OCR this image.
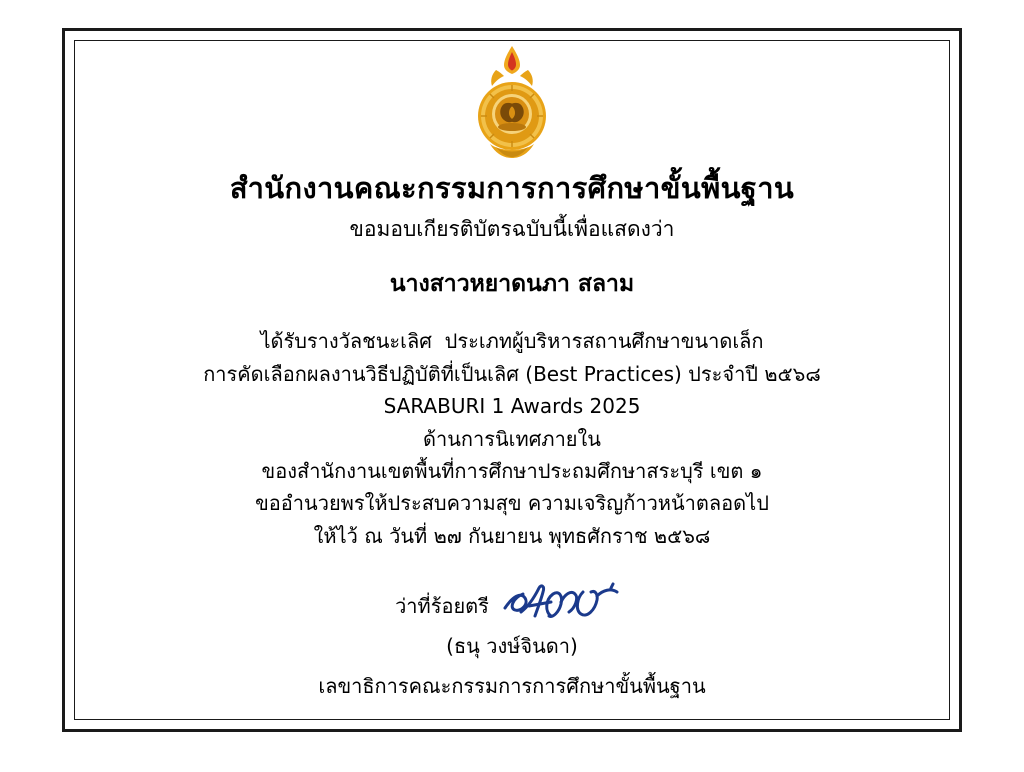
สำนักงานคณะกรรมการการศึกษาขั้นพื้นฐาน
ขอมอบเกียรติบัตรฉบับนี้เพื่อแสดงว่า
นางสาวหยาดนภา สลาม
ได้รับรางวัลชนะเลิศ  ประเภทผู้บริหารสถานศึกษาขนาดเล็ก
การคัดเลือกผลงานวิธีปฏิบัติที่เป็นเลิศ (Best Practices) ประจำปี ๒๕๖๘
SARABURI 1 Awards 2025
ด้านการนิเทศภายใน
ของสำนักงานเขตพื้นที่การศึกษาประถมศึกษาสระบุรี เขต ๑
ขออำนวยพรให้ประสบความสุข ความเจริญก้าวหน้าตลอดไป
ให้ไว้ ณ วันที่ ๒๗ กันยายน พุทธศักราช ๒๕๖๘
ว่าที่ร้อยตรี
(ธนุ วงษ์จินดา)
เลขาธิการคณะกรรมการการศึกษาขั้นพื้นฐาน
